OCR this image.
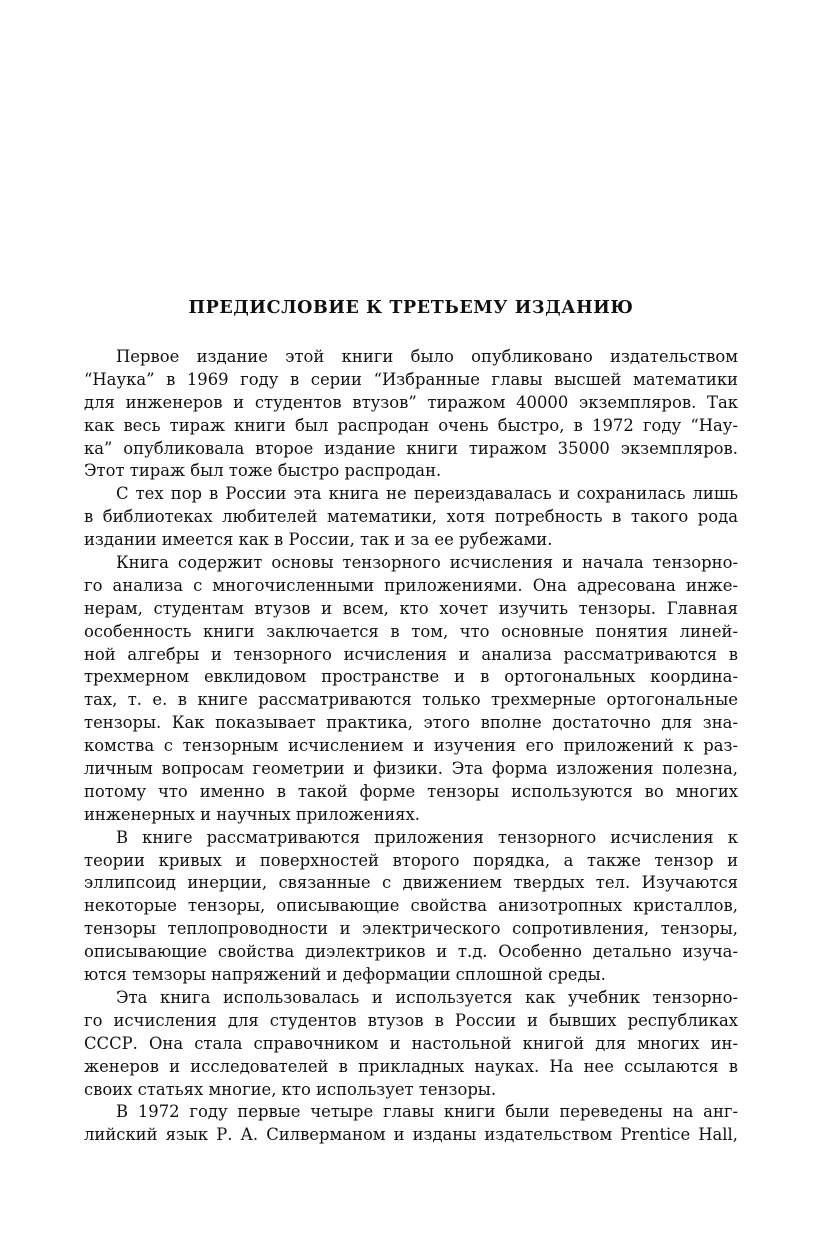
ПРЕДИСЛОВИЕ К ТРЕТЬЕМУ ИЗДАНИЮ
Первое издание этой книги было опубликовано издательством
“Наука” в 1969 году в серии “Избранные главы высшей математики
для инженеров и студентов втузов” тиражом 40000 экземпляров. Так
как весь тираж книги был распродан очень быстро, в 1972 году “Нау-
ка” опубликовала второе издание книги тиражом 35000 экземпляров.
Этот тираж был тоже быстро распродан.
С тех пор в России эта книга не переиздавалась и сохранилась лишь
в библиотеках любителей математики, хотя потребность в такого рода
издании имеется как в России, так и за ее рубежами.
Книга содержит основы тензорного исчисления и начала тензорно-
го анализа с многочисленными приложениями. Она адресована инже-
нерам, студентам втузов и всем, кто хочет изучить тензоры. Главная
особенность книги заключается в том, что основные понятия линей-
ной алгебры и тензорного исчисления и анализа рассматриваются в
трехмерном евклидовом пространстве и в ортогональных координа-
тах, т. е. в книге рассматриваются только трехмерные ортогональные
тензоры. Как показывает практика, этого вполне достаточно для зна-
комства с тензорным исчислением и изучения его приложений к раз-
личным вопросам геометрии и физики. Эта форма изложения полезна,
потому что именно в такой форме тензоры используются во многих
инженерных и научных приложениях.
В книге рассматриваются приложения тензорного исчисления к
теории кривых и поверхностей второго порядка, а также тензор и
эллипсоид инерции, связанные с движением твердых тел. Изучаются
некоторые тензоры, описывающие свойства анизотропных кристаллов,
тензоры теплопроводности и электрического сопротивления, тензоры,
описывающие свойства диэлектриков и т.д. Особенно детально изуча-
ются темзоры напряжений и деформации сплошной среды.
Эта книга использовалась и используется как учебник тензорно-
го исчисления для студентов втузов в России и бывших республиках
СССР. Она стала справочником и настольной книгой для многих ин-
женеров и исследователей в прикладных науках. На нее ссылаются в
своих статьях многие, кто использует тензоры.
В 1972 году первые четыре главы книги были переведены на анг-
лийский язык Р. А. Силверманом и изданы издательством Prentice Hall,
